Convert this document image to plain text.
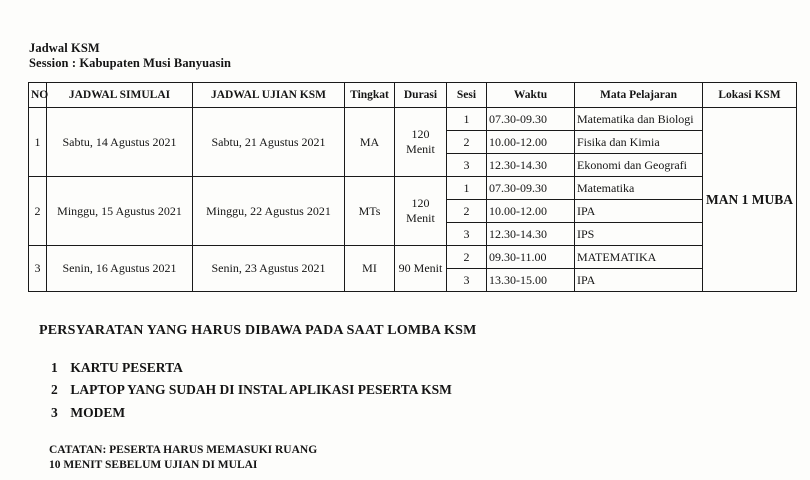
Jadwal KSM
Session : Kabupaten Musi Banyuasin
NO	JADWAL SIMULAI	JADWAL UJIAN KSM	Tingkat	Durasi	Sesi	Waktu	Mata Pelajaran	Lokasi KSM
1	Sabtu, 14 Agustus 2021	Sabtu, 21 Agustus 2021	MA	120 Menit	1	07.30-09.30	Matematika dan Biologi	MAN 1 MUBA
					2	10.00-12.00	Fisika dan Kimia	
					3	12.30-14.30	Ekonomi dan Geografi	
2	Minggu, 15 Agustus 2021	Minggu, 22 Agustus 2021	MTs	120 Menit	1	07.30-09.30	Matematika	
					2	10.00-12.00	IPA	
					3	12.30-14.30	IPS	
3	Senin, 16 Agustus 2021	Senin, 23 Agustus 2021	MI	90 Menit	2	09.30-11.00	MATEMATIKA	
					3	13.30-15.00	IPA	
PERSYARATAN YANG HARUS DIBAWA PADA SAAT LOMBA KSM
1 KARTU PESERTA
2 LAPTOP YANG SUDAH DI INSTAL APLIKASI PESERTA KSM
3 MODEM
CATATAN: PESERTA HARUS MEMASUKI RUANG
10 MENIT SEBELUM UJIAN DI MULAI
